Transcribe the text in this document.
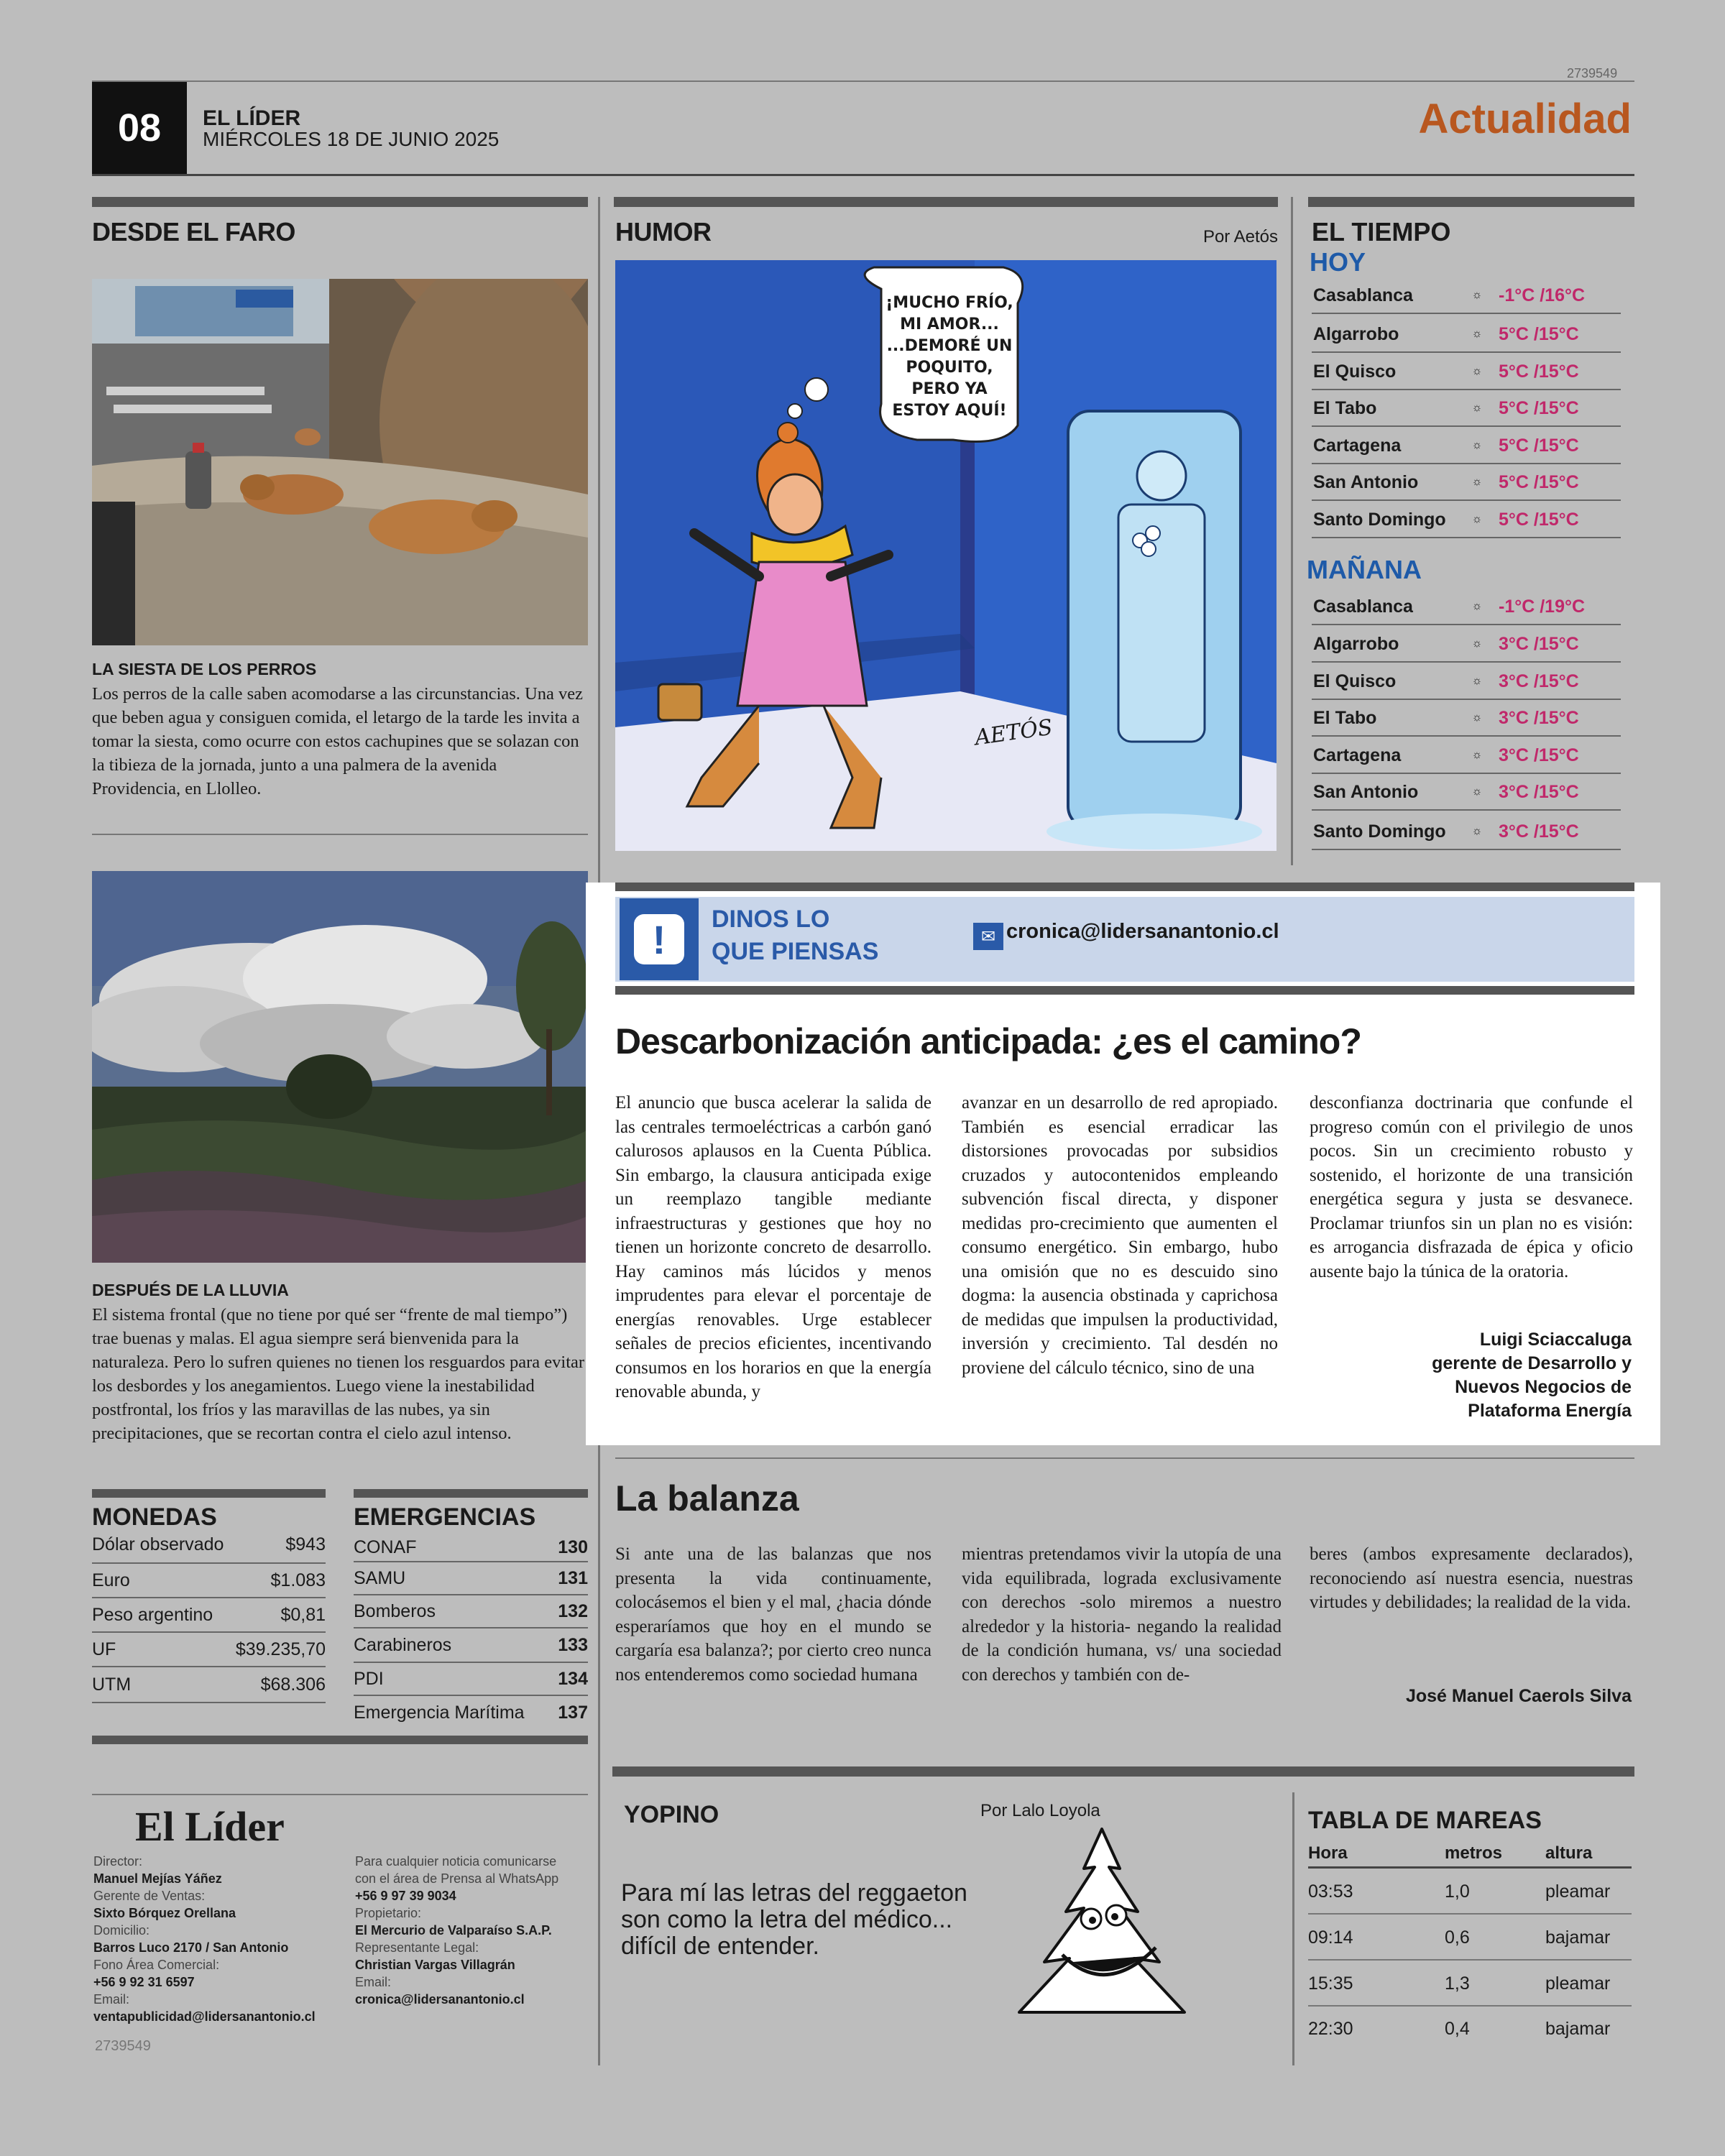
2739549
08 EL LÍDER
MIÉRCOLES 18 DE JUNIO 2025	Actualidad
DESDE EL FARO
LA SIESTA DE LOS PERROS
Los perros de la calle saben acomodarse a las circunstancias. Una vez que beben agua y consiguen comida, el letargo de la tarde les invita a tomar la siesta, como ocurre con estos cachupines que se solazan con la tibieza de la jornada, junto a una palmera de la avenida Providencia, en Llolleo.
DESPUÉS DE LA LLUVIA
El sistema frontal (que no tiene por qué ser “frente de mal tiempo”) trae buenas y malas. El agua siempre será bienvenida para la naturaleza. Pero lo sufren quienes no tienen los resguardos para evitar los desbordes y los anegamientos. Luego viene la inestabilidad postfrontal, los fríos y las maravillas de las nubes, ya sin precipitaciones, que se recortan contra el cielo azul intenso.
HUMOR	Por Aetós
¡MUCHO FRÍO, MI AMOR... ...DEMORÉ UN POQUITO, PERO YA ESTOY AQUÍ!
AETÓS
EL TIEMPO
HOY
Casablanca	☼ -1°C /16°C
Algarrobo	☼ 5°C /15°C
El Quisco	☼ 5°C /15°C
El Tabo	☼ 5°C /15°C
Cartagena	☼ 5°C /15°C
San Antonio	☼ 5°C /15°C
Santo Domingo	☼ 5°C /15°C
MAÑANA
Casablanca	☼ -1°C /19°C
Algarrobo	☼ 3°C /15°C
El Quisco	☼ 3°C /15°C
El Tabo	☼ 3°C /15°C
Cartagena	☼ 3°C /15°C
San Antonio	☼ 3°C /15°C
Santo Domingo	☼ 3°C /15°C
!	DINOS LO
QUE PIENSAS
✉ cronica@lidersanantonio.cl
Descarbonización anticipada: ¿es el camino?
El anuncio que busca acelerar la salida de las centrales termoeléctricas a carbón ganó calurosos aplausos en la Cuenta Pública. Sin embargo, la clausura anticipada exige un reemplazo tangible mediante infraestructuras y gestiones que hoy no tienen un horizonte concreto de desarrollo. Hay caminos más lúcidos y menos imprudentes para elevar el porcentaje de energías renovables. Urge establecer señales de precios eficientes, incentivando consumos en los horarios en que la energía renovable abunda, y
avanzar en un desarrollo de red apropiado. También es esencial erradicar las distorsiones provocadas por subsidios cruzados y autocontenidos empleando subvención fiscal directa, y disponer medidas pro-crecimiento que aumenten el consumo energético. Sin embargo, hubo una omisión que no es descuido sino dogma: la ausencia obstinada y caprichosa de medidas que impulsen la productividad, inversión y crecimiento. Tal desdén no proviene del cálculo técnico, sino de una
desconfianza doctrinaria que confunde el progreso común con el privilegio de unos pocos. Sin un crecimiento robusto y sostenido, el horizonte de una transición energética segura y justa se desvanece. Proclamar triunfos sin un plan no es visión: es arrogancia disfrazada de épica y oficio ausente bajo la túnica de la oratoria.
Luigi Sciaccaluga
gerente de Desarrollo y
Nuevos Negocios de
Plataforma Energía
La balanza
Si ante una de las balanzas que nos presenta la vida continuamente, colocásemos el bien y el mal, ¿hacia dónde esperaríamos que hoy en el mundo se cargaría esa balanza?; por cierto creo nunca nos entenderemos como sociedad humana
mientras pretendamos vivir la utopía de una vida equilibrada, lograda exclusivamente con derechos -solo miremos a nuestro alrededor y la historia- negando la realidad de la condición humana, vs/ una sociedad con derechos y también con de-
beres (ambos expresamente declarados), reconociendo así nuestra esencia, nuestras virtudes y debilidades; la realidad de la vida.
José Manuel Caerols Silva
MONEDAS
Dólar observado	$943
Euro	$1.083
Peso argentino	$0,81
UF	$39.235,70
UTM	$68.306
EMERGENCIAS
CONAF	130
SAMU	131
Bomberos	132
Carabineros	133
PDI	134
Emergencia Marítima 137
El Líder
Director:
Manuel Mejías Yáñez
Gerente de Ventas:
Sixto Bórquez Orellana
Domicilio:
Barros Luco 2170 / San Antonio
Fono Área Comercial:
+56 9 92 31 6597
Email:
ventapublicidad@lidersanantonio.cl
Para cualquier noticia comunicarse
con el área de Prensa al WhatsApp
+56 9 97 39 9034
Propietario:
El Mercurio de Valparaíso S.A.P.
Representante Legal:
Christian Vargas Villagrán
Email:
cronica@lidersanantonio.cl
2739549
YOPINO	Por Lalo Loyola
Para mí las letras del reggaeton
son como la letra del médico...
difícil de entender.
TABLA DE MAREAS
Hora	metros	altura
03:53	1,0	pleamar
09:14	0,6	bajamar
15:35	1,3	pleamar
22:30	0,4	bajamar
